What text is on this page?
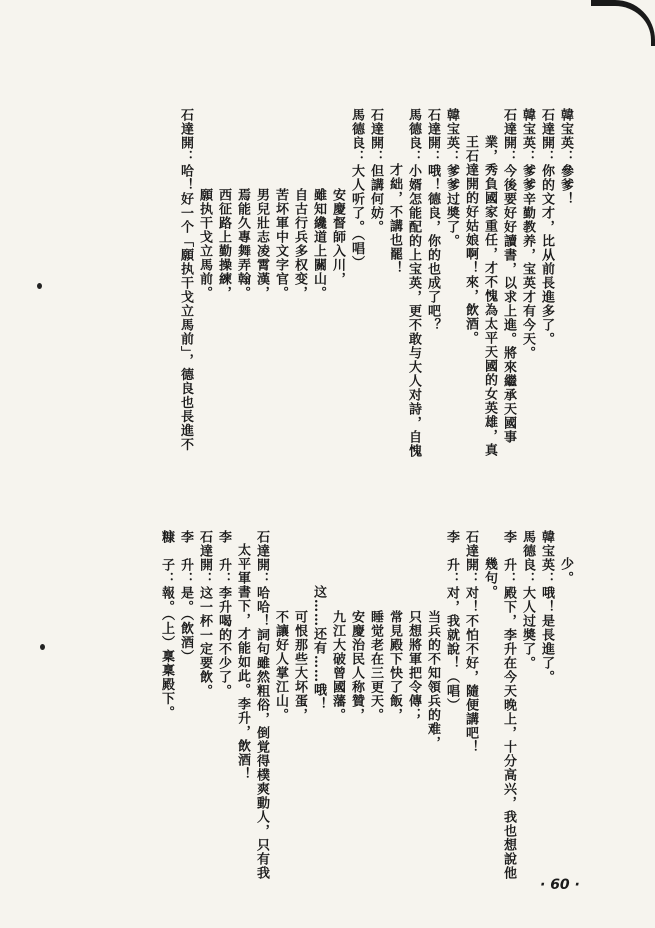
韓宝英：參爹！
石達開：你的文才，比从前長進多了。
韓宝英：爹爹辛勤教养，宝英才有今天。
石達開：今後要好好讀書，以求上進。將來繼承天國事
業，秀負國家重任，才不愧為太平天國的女英雄，真
王石達開的好姑娘啊！來，飲酒。
韓宝英：爹爹过奬了。
石達開：哦！德良，你的也成了吧？
馬德良：小婿怎能配的上宝英，更不敢与大人对詩，自愧
才絀，不講也罷！
石達開：但講何妨。
馬德良：大人听了。（唱）
安慶督師入川，
雖知纔道上關山。
自古行兵多权变，
苦坏軍中文字官。
男兒壯志凌霄漢，
焉能久專舞弄翰。
西征路上勤操練，
願执干戈立馬前。
石達開：哈！好一个「願执干戈立馬前」，德良也長進不
少。
韓宝英：哦！是長進了。
馬德良：大人过奬了。
李　升：殿下，李升在今天晚上，十分高兴，我也想說他
幾句。
石達開：对！不怕不好，隨便講吧！
李　升：对，我就說！（唱）
当兵的不知領兵的难，
只想將軍把令傳；
常見殿下快了飯，
睡觉老在三更天。
安慶治民人称贊，
九江大破曾國藩。
这……还有……哦！
可恨那些大坏蛋，
不讓好人掌江山。
石達開：哈哈！詞句雖然粗俗，倒覚得樸爽動人，只有我
太平軍書下，才能如此。李升，飲酒！
李　升：李升喝的不少了。
石達開：这一杯一定要飲。
李　升：是。（飲酒）
糠　子：報。（上）稟稟殿下。
· 60 ·
